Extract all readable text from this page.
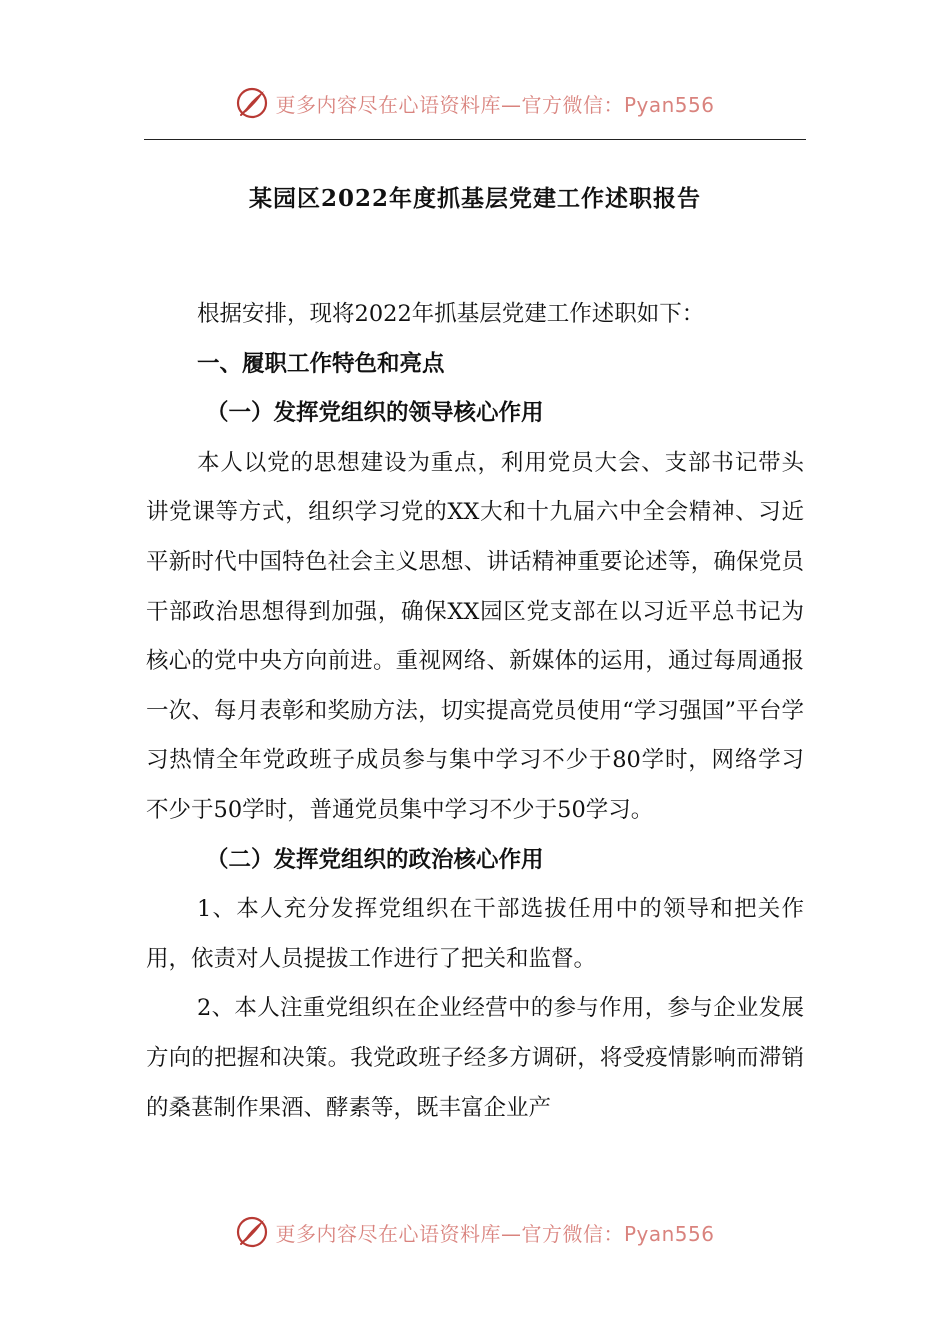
更多内容尽在心语资料库—官方微信：Pyan556
某园区2022年度抓基层党建工作述职报告

根据安排，现将2022年抓基层党建工作述职如下：

一、履职工作特色和亮点

（一）发挥党组织的领导核心作用

本人以党的思想建设为重点，利用党员大会、支部书记带头讲党课等方式，组织学习党的XX大和十九届六中全会精神、习近平新时代中国特色社会主义思想、讲话精神重要论述等，确保党员干部政治思想得到加强，确保XX园区党支部在以习近平总书记为核心的党中央方向前进。重视网络、新媒体的运用，通过每周通报一次、每月表彰和奖励方法，切实提高党员使用“学习强国”平台学习热情全年党政班子成员参与集中学习不少于80学时，网络学习不少于50学时，普通党员集中学习不少于50学习。

（二）发挥党组织的政治核心作用

1、本人充分发挥党组织在干部选拔任用中的领导和把关作用，依责对人员提拔工作进行了把关和监督。

2、本人注重党组织在企业经营中的参与作用，参与企业发展方向的把握和决策。我党政班子经多方调研，将受疫情影响而滞销的桑葚制作果酒、酵素等，既丰富企业产

更多内容尽在心语资料库—官方微信：Pyan556
